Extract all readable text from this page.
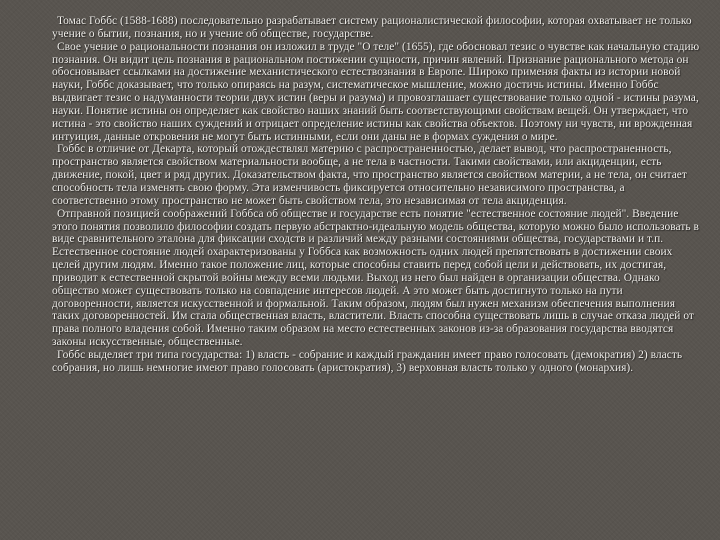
Томас Гоббс (1588-1688) последовательно разрабатывает систему рационалистической философии, которая охватывает не только учение о бытии, познания, но и учение об обществе, государстве.

Свое учение о рациональности познания он изложил в труде "О теле" (1655), где обосновал тезис о чувстве как начальную стадию познания. Он видит цель познания в рациональном постижении сущности, причин явлений. Признание рационального метода он обосновывает ссылками на достижение механистического естествознания в Европе. Широко применяя факты из истории новой науки, Гоббс доказывает, что только опираясь на разум, систематическое мышление, можно достичь истины. Именно Гоббс выдвигает тезис о надуманности теории двух истин (веры и разума) и провозглашает существование только одной - истины разума, науки. Понятие истины он определяет как свойство наших знаний быть соответствующими свойствам вещей. Он утверждает, что истина - это свойство наших суждений и отрицает определение истины как свойства объектов. Поэтому ни чувств, ни врожденная интуиция, данные откровения не могут быть истинными, если они даны не в формах суждения о мире.

Гоббс в отличие от Декарта, который отождествлял материю с распространенностью, делает вывод, что распространенность, пространство является свойством материальности вообще, а не тела в частности. Такими свойствами, или акциденции, есть движение, покой, цвет и ряд других. Доказательством факта, что пространство является свойством материи, а не тела, он считает способность тела изменять свою форму. Эта изменчивость фиксируется относительно независимого пространства, а соответственно этому пространство не может быть свойством тела, это независимая от тела акциденция.

Отправной позицией соображений Гоббса об обществе и государстве есть понятие "естественное состояние людей". Введение этого понятия позволило философии создать первую абстрактно-идеальную модель общества, которую можно было использовать в виде сравнительного эталона для фиксации сходств и различий между разными состояниями общества, государствами и т.п. Естественное состояние людей охарактеризованы у Гоббса как возможность одних людей препятствовать в достижении своих целей другим людям. Именно такое положение лиц, которые способны ставить перед собой цели и действовать, их достигая, приводит к естественной скрытой войны между всеми людьми. Выход из него был найден в организации общества. Однако общество может существовать только на совпадение интересов людей. А это может быть достигнуто только на пути договоренности, является искусственной и формальной. Таким образом, людям был нужен механизм обеспечения выполнения таких договоренностей. Им стала общественная власть, властители. Власть способна существовать лишь в случае отказа людей от права полного владения собой. Именно таким образом на место естественных законов из-за образования государства вводятся законы искусственные, общественные.

Гоббс выделяет три типа государства: 1) власть - собрание и каждый гражданин имеет право голосовать (демократия) 2) власть собрания, но лишь немногие имеют право голосовать (аристократия), 3) верховная власть только у одного (монархия).
